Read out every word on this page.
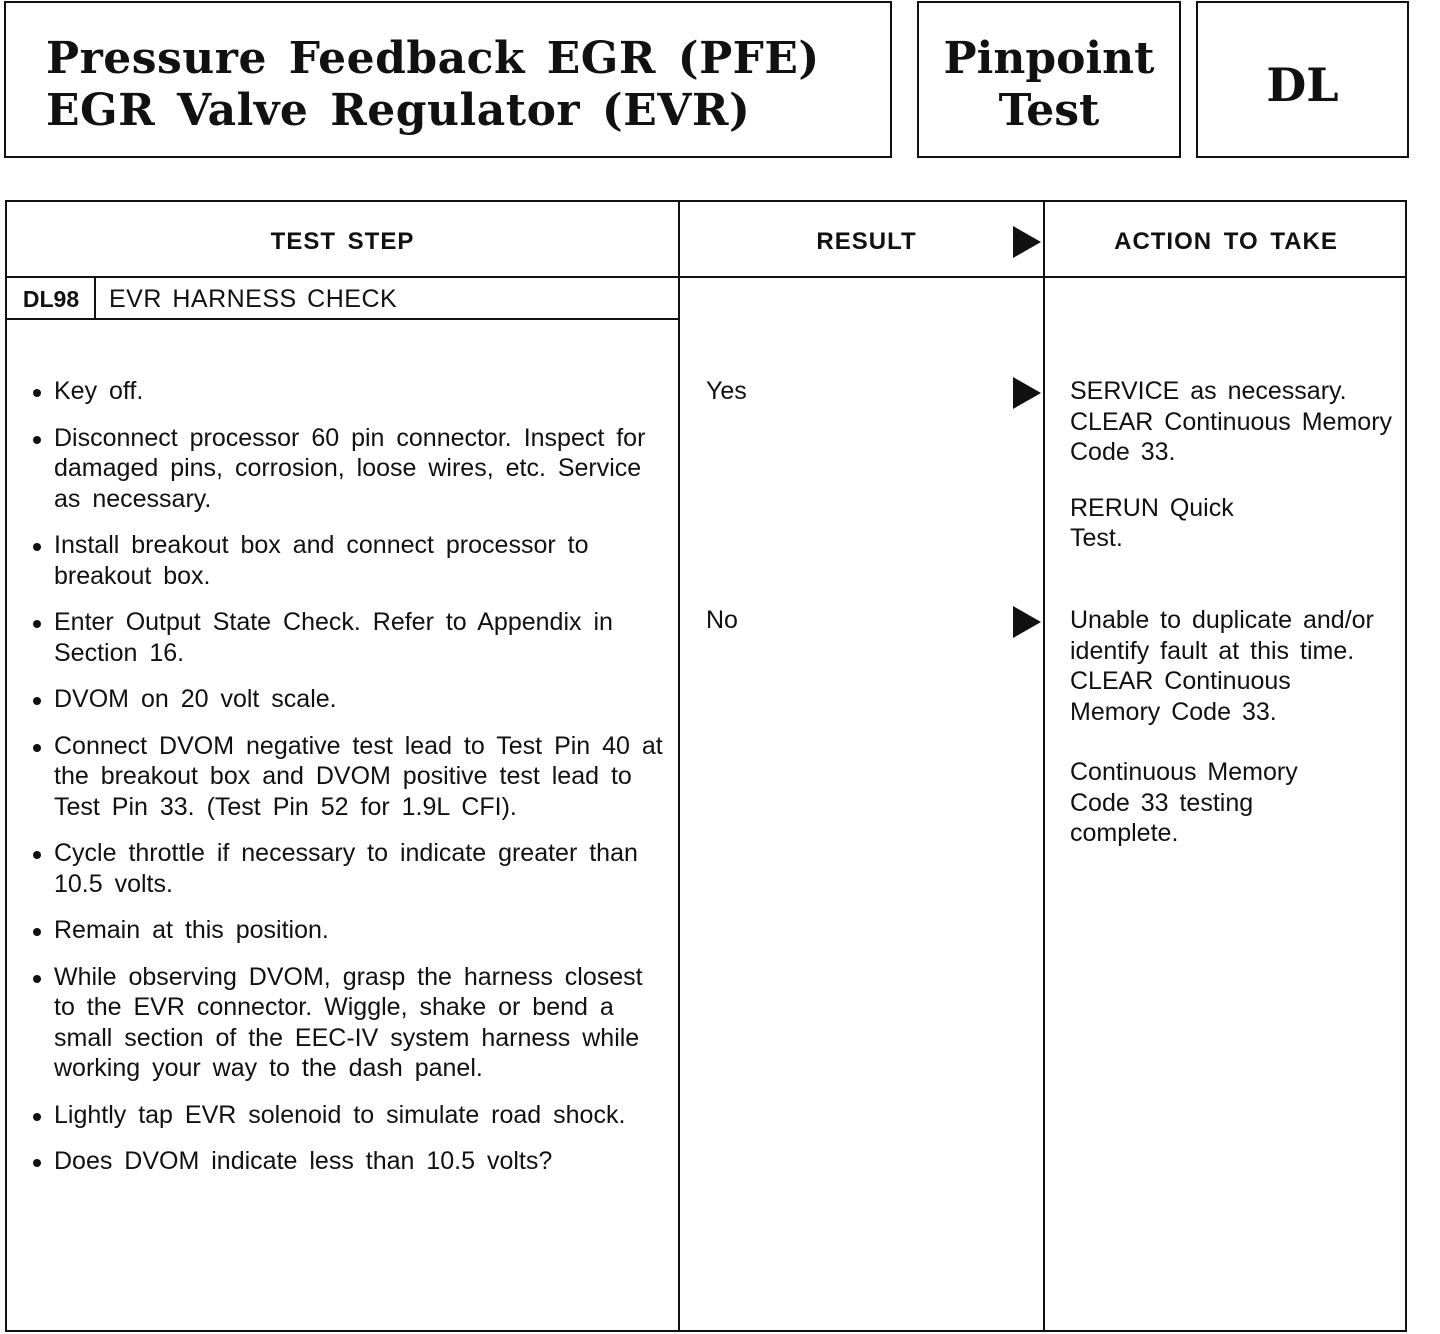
Pressure Feedback EGR (PFE)
EGR Valve Regulator (EVR)
Pinpoint
Test	DL
TEST STEP	RESULT	ACTION TO TAKE
DL98	EVR HARNESS CHECK
Key off.
Disconnect processor 60 pin connector. Inspect for damaged pins, corrosion, loose wires, etc. Service as necessary.
Install breakout box and connect processor to breakout box.
Enter Output State Check. Refer to Appendix in Section 16.
DVOM on 20 volt scale.
Connect DVOM negative test lead to Test Pin 40 at the breakout box and DVOM positive test lead to Test Pin 33. (Test Pin 52 for 1.9L CFI).
Cycle throttle if necessary to indicate greater than 10.5 volts.
Remain at this position.
While observing DVOM, grasp the harness closest to the EVR connector. Wiggle, shake or bend a small section of the EEC-IV system harness while working your way to the dash panel.
Lightly tap EVR solenoid to simulate road shock.
Does DVOM indicate less than 10.5 volts?
Yes	SERVICE as necessary. CLEAR Continuous Memory Code 33.

RERUN Quick Test.

No	Unable to duplicate and/or identify fault at this time. CLEAR Continuous Memory Code 33.

Continuous Memory Code 33 testing complete.
